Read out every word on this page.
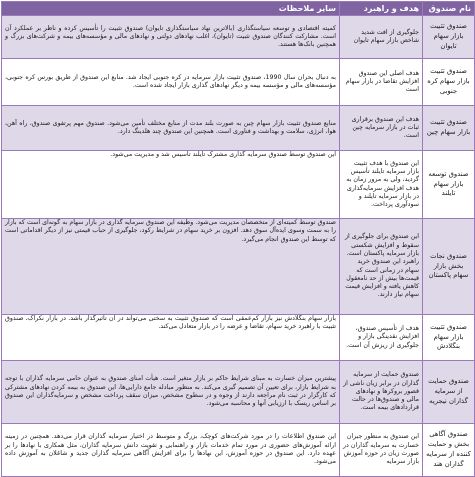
نام صندوق	هدف و راهبرد	سایر ملاحظات
صندوق تثبیت بازار سهام تایوان	جلوگیری از افت شدید شاخص بازار سهام تایوان	کمیته اقتصادی و توسعه سیاستگذاری (بالاترین نهاد سیاستگذاری تایوان) صندوق تثبیت را تأسیس کرده و ناظر بر عملکرد آن است. مشارکت کنندگان صندوق تثبیت (تایوان)، اغلب نهادهای دولتی و نهادهای مالی و مؤسسه‌های بیمه و شرکت‌های بزرگ و همچنین بانک‌ها هستند.
صندوق تثبیت بازار سهام کره جنوبی	هدف اصلی این صندوق افزایش تقاضا در بازار سهام است	به دنبال بحران سال 1990، صندوق تثبیت بازار سرمایه در کره جنوبی ایجاد شد. منابع این صندوق از طریق بورس کره جنوبی، مؤسسه‌های مالی و مؤسسه بیمه و دیگر نهادهای گذاری بازار ایجاد شده است.
صندوق تثبیت بازار سهام چین	هدف این صندوق برقراری ثبات در بازار سرمایه چین است.	منابع صندوق تثبیت بازار سهام چین به صورت بلند مدت از منابع مختلف تأمین می‌شود. صندوق مهم پرتفوی صندوق، راه آهن، هوا، انرژی، سلامت و بهداشت و فناوری است. همچنین این صندوق چند هلدینگ دارد.
صندوق توسعه بازار سهام تایلند	این صندوق با هدف تثبیت بازار سرمایه تایلند تأسیس گردید، ولی به مرور زمان به هدف افزایش سرمایه‌گذاری در بازار سرمایه تایلند و سودآوری پرداخت.	این صندوق توسط صندوق سرمایه گذاری مشترک تایلند تأسیس شد و مدیریت می‌شود.
صندوق نجات بخش بازار سهام پاکستان	این صندوق برای جلوگیری از سقوط و افزایش شکستی بازار سرمایه پاکستان است. راهبرد این صندوق خرید سهام در زمانی است که قیمت‌ها بیش از حد نامعقول کاهش یافته و افزایش قیمت سهام نیاز دارند.	صندوق توسط کمیته‌ای از متخصصان مدیریت می‌شود. وظیفه این صندوق سرمایه گذاری در بازار سهام به گونه‌ای است که بازار را به سمت وسوی ایده‌آل سوق دهد. افزون بر خرید سهام در شرایط رکود، جلوگیری از حباب قیمتی نیز از دیگر اقداماتی است که توسط این صندوق انجام می‌گیرد.
صندوق تثبیت بازار سهام بنگلادش	هدف از تأسیس صندوق، افزایش نقدینگی بازار و جلوگیری از ریزش آن است.	بازار سهام بنگلادش نیز بازار کم‌عمقی است که صندوق تثبیت به سختی می‌تواند در آن تأثیرگذار باشد. در بازار نکراک، صندوق تثبیت با راهبرد خرید سهام، تقاضا و عرضه را در بازار متعادل می‌کند.
صندوق حمایت از سرمایه گذاران نیجریه	صندوق حمایت از سرمایه گذاران در برابر زیان ناشی از قصور بروکرها و نهادهای مالی و صندوق‌ها در حالت قراردادهای بیمه است.	پیشترین میزان خسارت به مبنای شرایط حاکم بر بازار متغیر است. هیأت امنای صندوق به عنوان حامی سرمایه گذاران با توجه به شرایط بازار، برای تعیین آن تصمیم گیری می‌کند. به منظور مبادله جامع دارایی‌ها، این صندوق به بیمه کردن نهادهای مشترکی که کارگزار در ثبت نام مراجعه دارند از وجوه و در سطوح مشخص، میزان سقف پرداخت مشخص و سرمایه‌گذاران این صندوق بر اساس ریسک با ارزیابی آنها و محاسبه می‌شود.
صندوق آگاهی بخش و حمایت کننده از سرمایه گذاران هند	این صندوق به منظور جبران خسارت به سرمایه گذاران در صورت زیان در حوزه آموزش بازار سرمایه	این صندوق اطلاعات را در مورد شرکت‌های کوچک، بزرگ و متوسط در اختیار سرمایه گذاران قرار می‌دهد. همچنین در زمینه ارائه آموزش‌های حضوری در مورد تمام خدمات بازار و راهنمایی و تقویت دانش سرمایه گذاران، مثل همکاری با نهادها را بر عهده دارد. این صندوق در حوزه آموزش، این نهادها را برای افزایش آگاهی سرمایه گذاران جدید و شاغلان به آموزش داده می‌شود.
